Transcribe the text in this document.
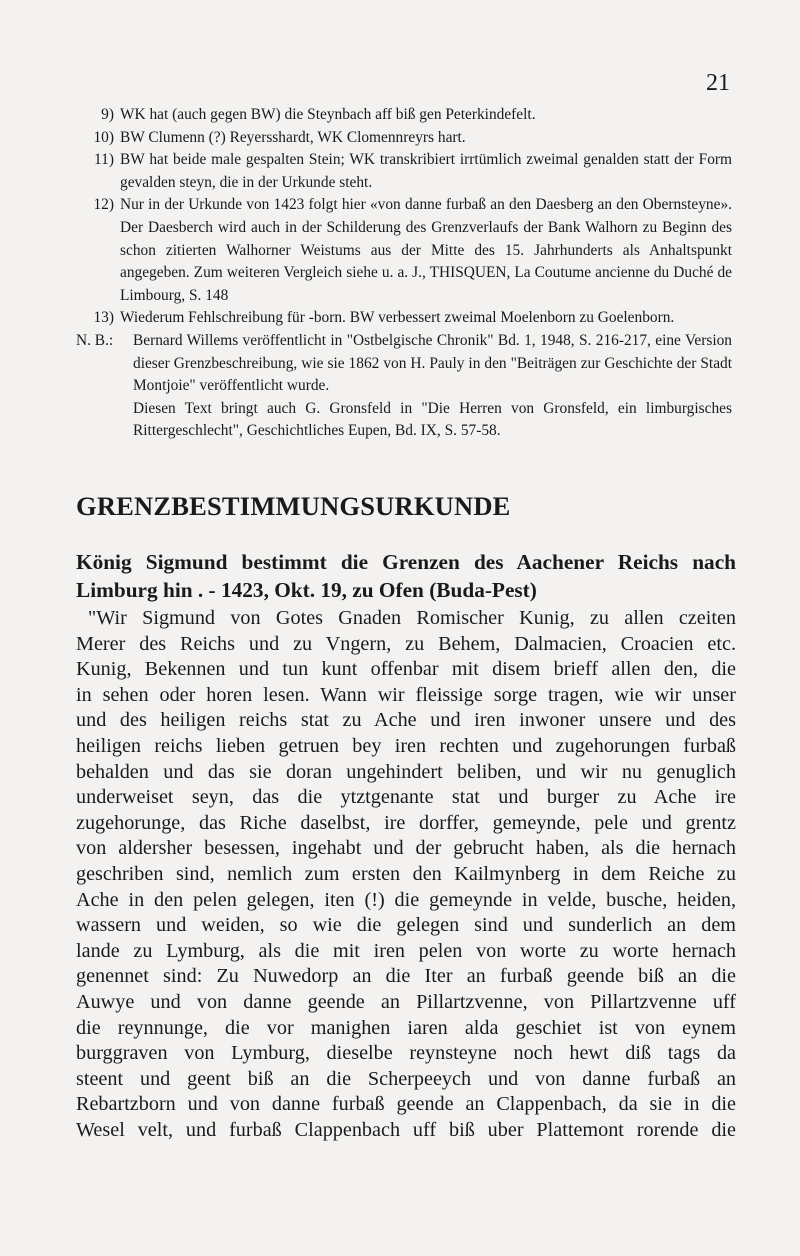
21
9) WK hat (auch gegen BW) die Steynbach aff biß gen Peterkindefelt.
10) BW Clumenn (?) Reyersshardt, WK Clomennreyrs hart.
11) BW hat beide male gespalten Stein; WK transkribiert irrtümlich zweimal genalden statt der Form gevalden steyn, die in der Urkunde steht.
12) Nur in der Urkunde von 1423 folgt hier «von danne furbaß an den Daesberg an den Obernsteyne». Der Daesberch wird auch in der Schilderung des Grenzverlaufs der Bank Walhorn zu Beginn des schon zitierten Walhorner Weistums aus der Mitte des 15. Jahrhunderts als Anhaltspunkt angegeben. Zum weiteren Vergleich siehe u. a. J., THISQUEN, La Coutume ancienne du Duché de Limbourg, S. 148
13) Wiederum Fehlschreibung für -born. BW verbessert zweimal Moelenborn zu Goelenborn.
N. B.:	Bernard Willems veröffentlicht in "Ostbelgische Chronik" Bd. 1, 1948, S. 216-217, eine Version dieser Grenzbeschreibung, wie sie 1862 von H. Pauly in den "Beiträgen zur Geschichte der Stadt Montjoie" veröffentlicht wurde.
Diesen Text bringt auch G. Gronsfeld in "Die Herren von Gronsfeld, ein limburgisches Rittergeschlecht", Geschichtliches Eupen, Bd. IX, S. 57-58.
GRENZBESTIMMUNGSURKUNDE
König Sigmund bestimmt die Grenzen des Aachener Reichs nach Limburg hin . - 1423, Okt. 19, zu Ofen (Buda-Pest)
"Wir Sigmund von Gotes Gnaden Romischer Kunig, zu allen czeiten
Merer des Reichs und zu Vngern, zu Behem, Dalmacien, Croacien etc.
Kunig, Bekennen und tun kunt offenbar mit disem brieff allen den, die
in sehen oder horen lesen. Wann wir fleissige sorge tragen, wie wir unser
und des heiligen reichs stat zu Ache und iren inwoner unsere und des
heiligen reichs lieben getruen bey iren rechten und zugehorungen furbaß
behalden und das sie doran ungehindert beliben, und wir nu genuglich
underweiset seyn, das die ytztgenante stat und burger zu Ache ire
zugehorunge, das Riche daselbst, ire dorffer, gemeynde, pele und grentz
von aldersher besessen, ingehabt und der gebrucht haben, als die hernach
geschriben sind, nemlich zum ersten den Kailmynberg in dem Reiche zu
Ache in den pelen gelegen, iten (!) die gemeynde in velde, busche, heiden,
wassern und weiden, so wie die gelegen sind und sunderlich an dem
lande zu Lymburg, als die mit iren pelen von worte zu worte hernach
genennet sind: Zu Nuwedorp an die Iter an furbaß geende biß an die
Auwye und von danne geende an Pillartzvenne, von Pillartzvenne uff
die reynnunge, die vor manighen iaren alda geschiet ist von eynem
burggraven von Lymburg, dieselbe reynsteyne noch hewt diß tags da
steent und geent biß an die Scherpeeych und von danne furbaß an
Rebartzborn und von danne furbaß geende an Clappenbach, da sie in die
Wesel velt, und furbaß Clappenbach uff biß uber Plattemont rorende die
